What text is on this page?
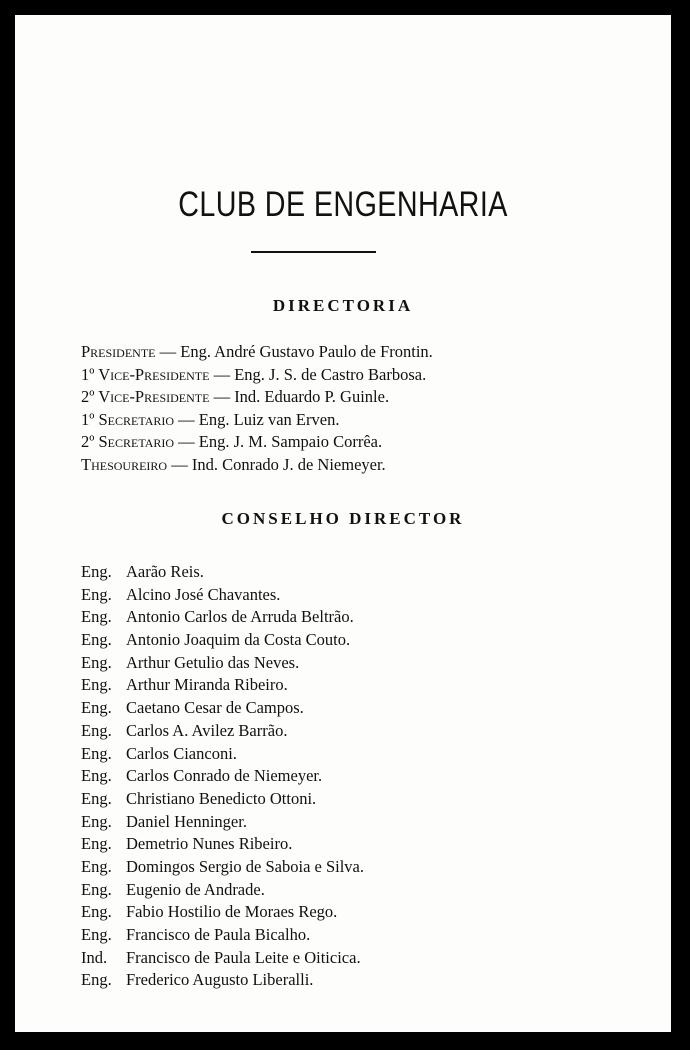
CLUB DE ENGENHARIA
DIRECTORIA
Presidente — Eng. André Gustavo Paulo de Frontin.
1º Vice-Presidente — Eng. J. S. de Castro Barbosa.
2º Vice-Presidente — Ind. Eduardo P. Guinle.
1º Secretario — Eng. Luiz van Erven.
2º Secretario — Eng. J. M. Sampaio Corrêa.
Thesoureiro — Ind. Conrado J. de Niemeyer.
CONSELHO DIRECTOR
Eng. Aarão Reis.
Eng. Alcino José Chavantes.
Eng. Antonio Carlos de Arruda Beltrão.
Eng. Antonio Joaquim da Costa Couto.
Eng. Arthur Getulio das Neves.
Eng. Arthur Miranda Ribeiro.
Eng. Caetano Cesar de Campos.
Eng. Carlos A. Avilez Barrão.
Eng. Carlos Cianconi.
Eng. Carlos Conrado de Niemeyer.
Eng. Christiano Benedicto Ottoni.
Eng. Daniel Henninger.
Eng. Demetrio Nunes Ribeiro.
Eng. Domingos Sergio de Saboia e Silva.
Eng. Eugenio de Andrade.
Eng. Fabio Hostilio de Moraes Rego.
Eng. Francisco de Paula Bicalho.
Ind. Francisco de Paula Leite e Oiticica.
Eng. Frederico Augusto Liberalli.
